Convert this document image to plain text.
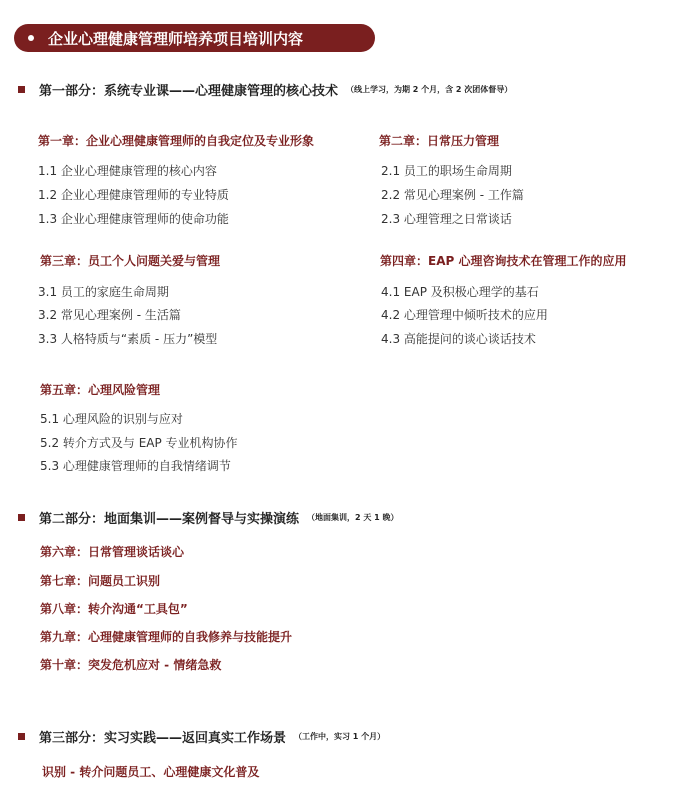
企业心理健康管理师培养项目培训内容
第一部分：系统专业课——心理健康管理的核心技术 （线上学习，为期 2 个月，含 2 次团体督导）
第一章：企业心理健康管理师的自我定位及专业形象
1.1 企业心理健康管理的核心内容
1.2 企业心理健康管理师的专业特质
1.3 企业心理健康管理师的使命功能
第二章：日常压力管理
2.1 员工的职场生命周期
2.2 常见心理案例 - 工作篇
2.3 心理管理之日常谈话
第三章：员工个人问题关爱与管理
3.1 员工的家庭生命周期
3.2 常见心理案例 - 生活篇
3.3 人格特质与“素质 - 压力”模型
第四章：EAP 心理咨询技术在管理工作的应用
4.1 EAP 及积极心理学的基石
4.2 心理管理中倾听技术的应用
4.3 高能提问的谈心谈话技术
第五章：心理风险管理
5.1 心理风险的识别与应对
5.2 转介方式及与 EAP 专业机构协作
5.3 心理健康管理师的自我情绪调节
第二部分：地面集训——案例督导与实操演练 （地面集训，2 天 1 晚）
第六章：日常管理谈话谈心
第七章：问题员工识别
第八章：转介沟通“工具包”
第九章：心理健康管理师的自我修养与技能提升
第十章：突发危机应对 - 情绪急救
第三部分：实习实践——返回真实工作场景 （工作中，实习 1 个月）
识别 - 转介问题员工、心理健康文化普及
